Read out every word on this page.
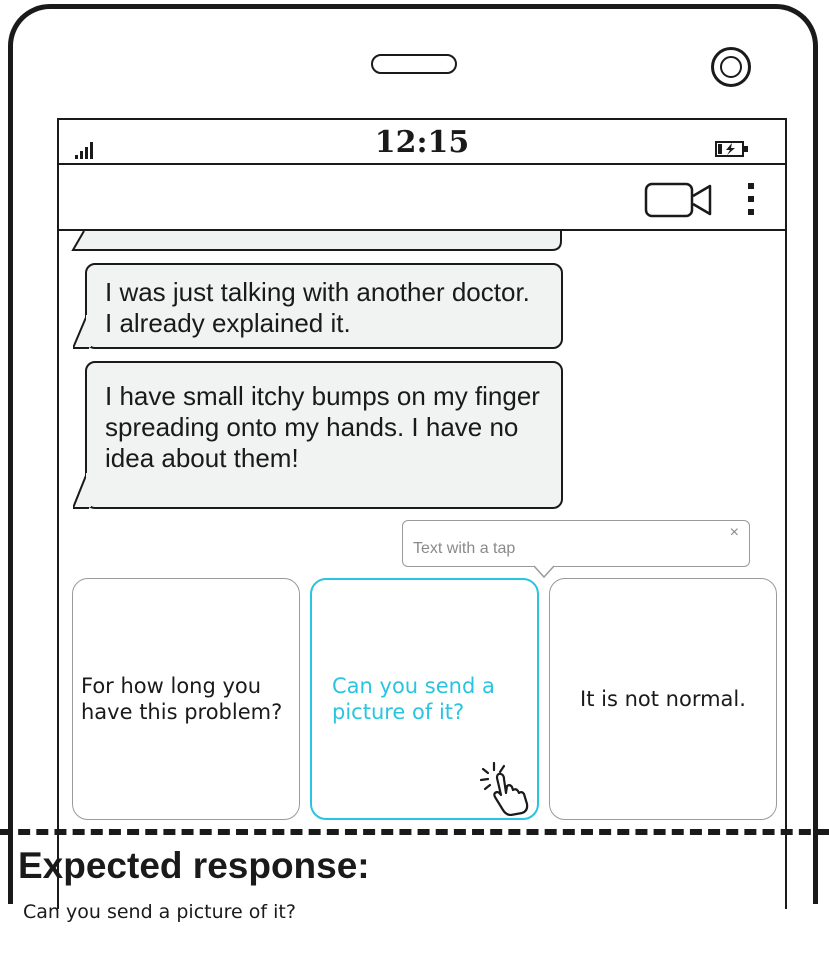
12:15
I was just talking with another doctor. I already explained it.
I have small itchy bumps on my finger spreading onto my hands. I have no idea about them!
Text with a tap
×
For how long you have this problem?
Can you send a picture of it?
It is not normal.
Expected response:
Can you send a picture of it?
